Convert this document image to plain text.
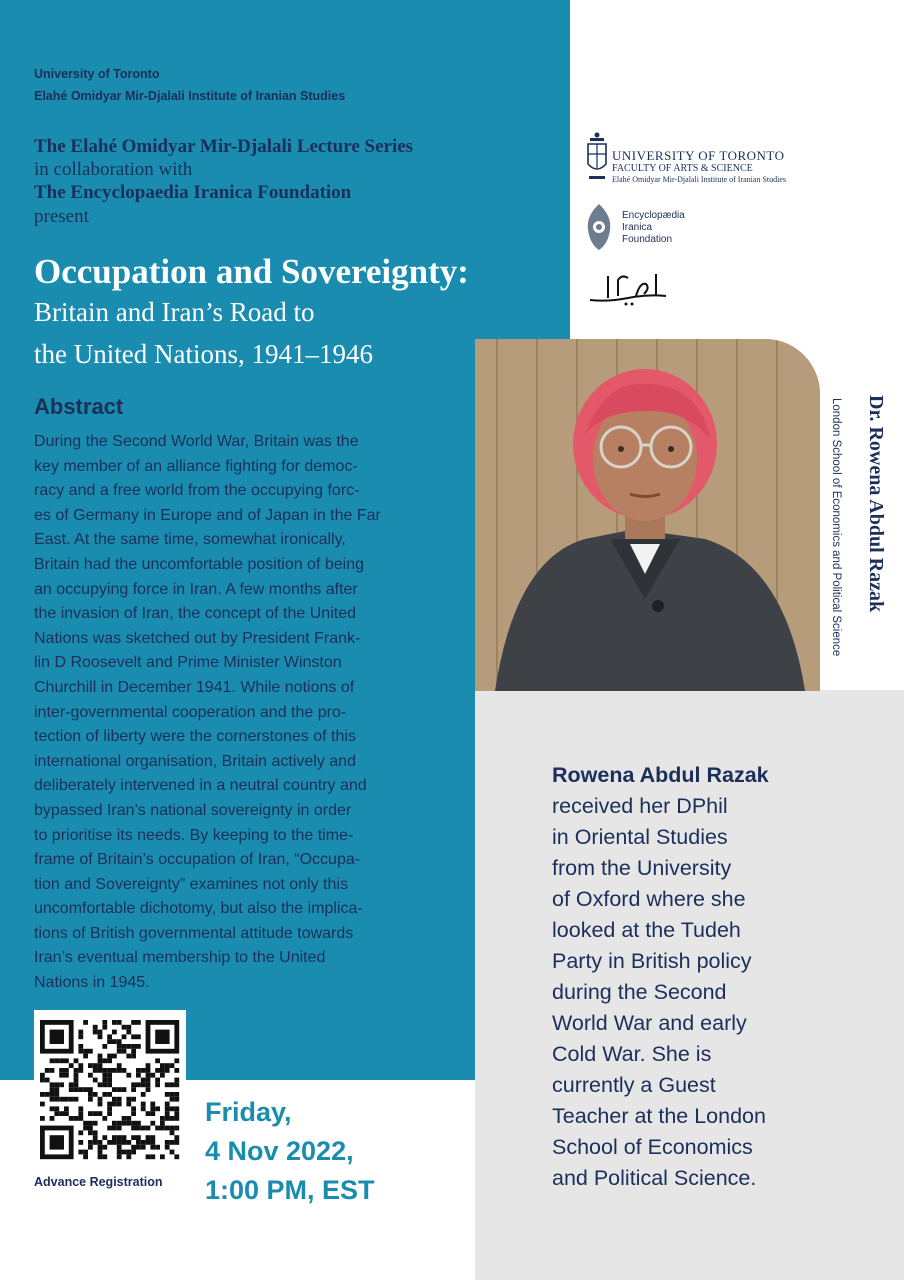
University of Toronto
Elahé Omidyar Mir-Djalali Institute of Iranian Studies
The Elahé Omidyar Mir-Djalali Lecture Series
in collaboration with
The Encyclopaedia Iranica Foundation
present
Occupation and Sovereignty:
Britain and Iran’s Road to
the United Nations, 1941–1946
Abstract
During the Second World War, Britain was the
key member of an alliance fighting for democ-
racy and a free world from the occupying forc-
es of Germany in Europe and of Japan in the Far
East. At the same time, somewhat ironically,
Britain had the uncomfortable position of being
an occupying force in Iran. A few months after
the invasion of Iran, the concept of the United
Nations was sketched out by President Frank-
lin D Roosevelt and Prime Minister Winston
Churchill in December 1941. While notions of
inter-governmental cooperation and the pro-
tection of liberty were the cornerstones of this
international organisation, Britain actively and
deliberately intervened in a neutral country and
bypassed Iran’s national sovereignty in order
to prioritise its needs. By keeping to the time-
frame of Britain’s occupation of Iran, “Occupa-
tion and Sovereignty” examines not only this
uncomfortable dichotomy, but also the implica-
tions of British governmental attitude towards
Iran’s eventual membership to the United
Nations in 1945.
Advance Registration
Friday,
4 Nov 2022,
1:00 PM, EST
UNIVERSITY OF TORONTO
FACULTY OF ARTS & SCIENCE
Elahé Omidyar Mir-Djalali Institute of Iranian Studies
Encyclopædia
Iranica
Foundation
Dr. Rowena Abdul Razak
London School of Economics and Political Science
Rowena Abdul Razak
received her DPhil
in Oriental Studies
from the University
of Oxford where she
looked at the Tudeh
Party in British policy
during the Second
World War and early
Cold War. She is
currently a Guest
Teacher at the London
School of Economics
and Political Science.
